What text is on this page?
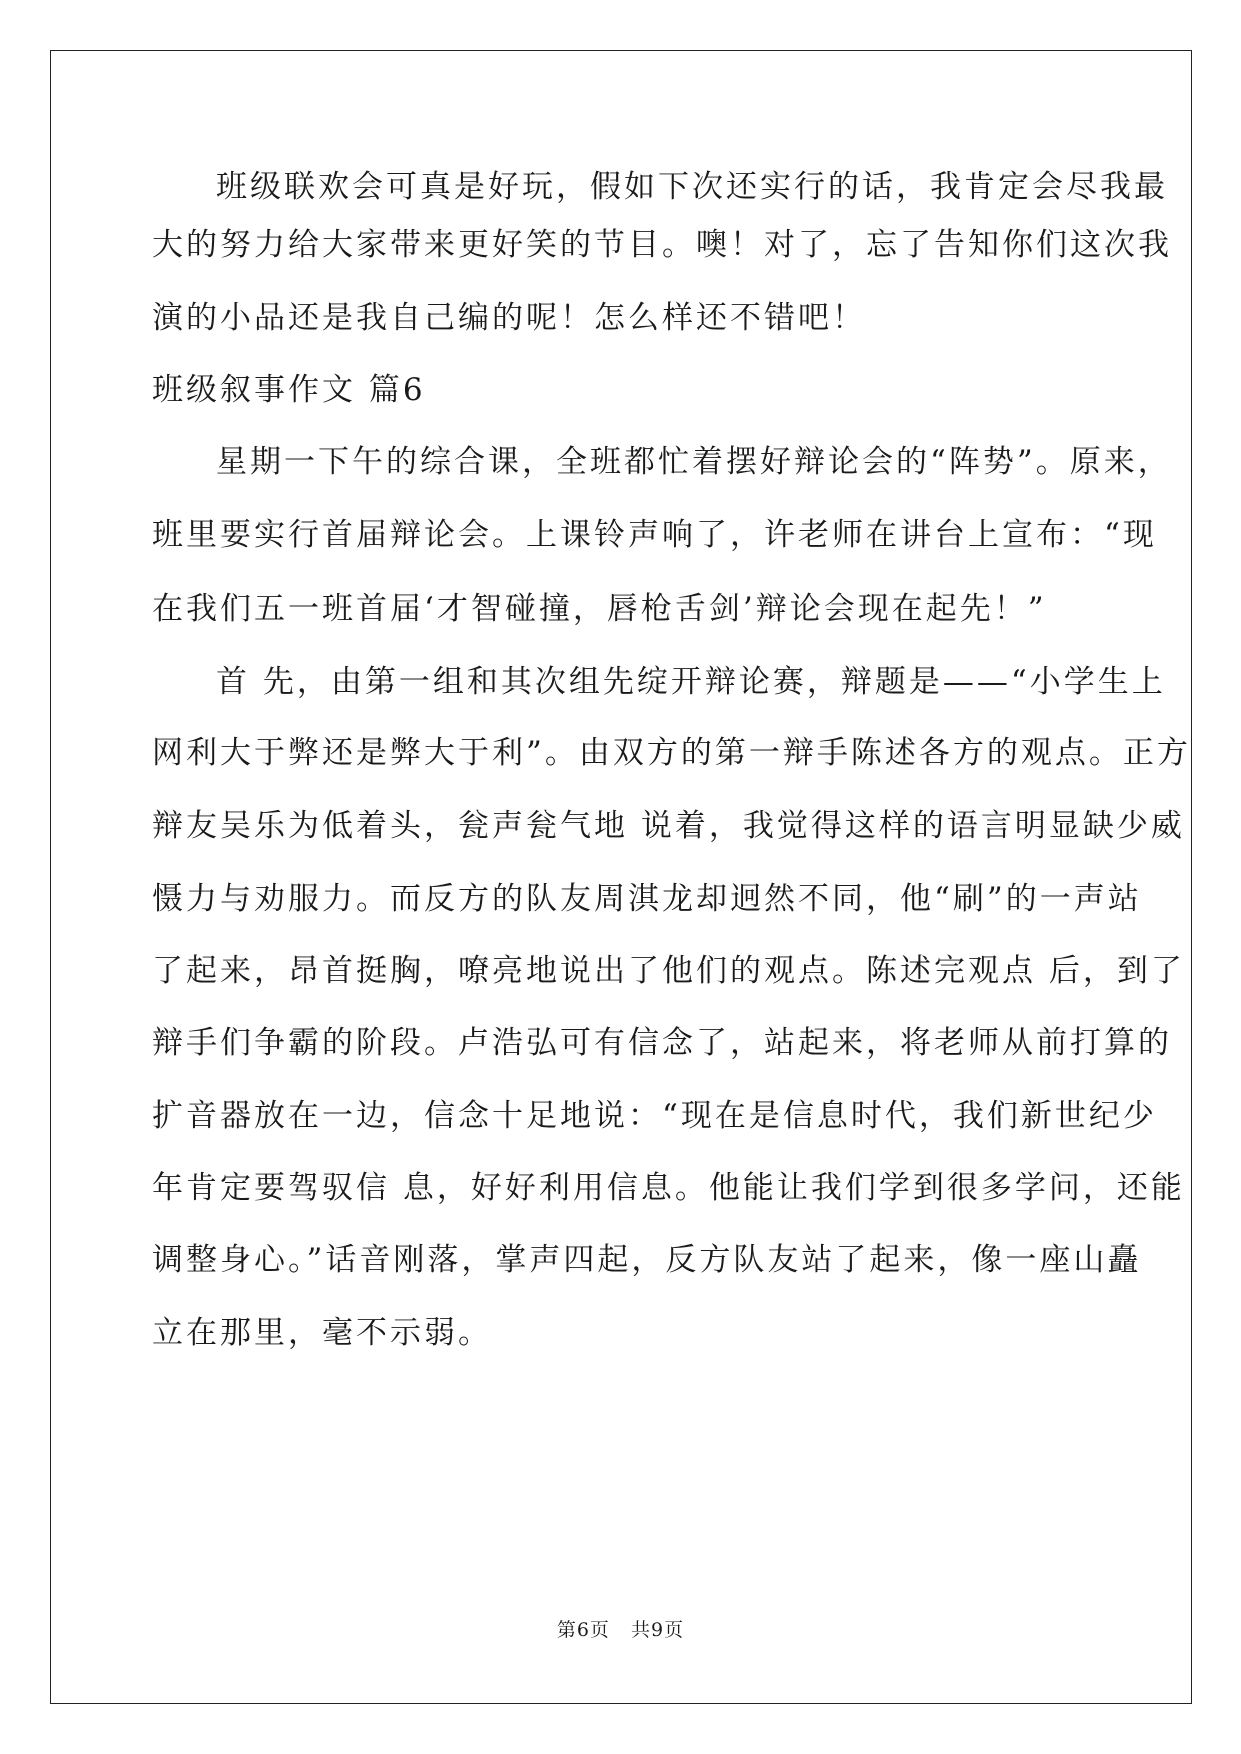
班级联欢会可真是好玩，假如下次还实行的话，我肯定会尽我最
大的努力给大家带来更好笑的节目。噢！对了，忘了告知你们这次我
演的小品还是我自己编的呢！怎么样还不错吧！
班级叙事作文 篇6
星期一下午的综合课，全班都忙着摆好辩论会的“阵势”。原来，
班里要实行首届辩论会。上课铃声响了，许老师在讲台上宣布：“现
在我们五一班首届‘才智碰撞，唇枪舌剑’辩论会现在起先！”
首 先，由第一组和其次组先绽开辩论赛，辩题是——“小学生上
网利大于弊还是弊大于利”。由双方的第一辩手陈述各方的观点。正方
辩友吴乐为低着头，瓮声瓮气地 说着，我觉得这样的语言明显缺少威
慑力与劝服力。而反方的队友周淇龙却迥然不同，他“刷”的一声站
了起来，昂首挺胸，嘹亮地说出了他们的观点。陈述完观点 后，到了
辩手们争霸的阶段。卢浩弘可有信念了，站起来，将老师从前打算的
扩音器放在一边，信念十足地说：“现在是信息时代，我们新世纪少
年肯定要驾驭信 息，好好利用信息。他能让我们学到很多学问，还能
调整身心。”话音刚落，掌声四起，反方队友站了起来，像一座山矗
立在那里，毫不示弱。
第6页   共9页
